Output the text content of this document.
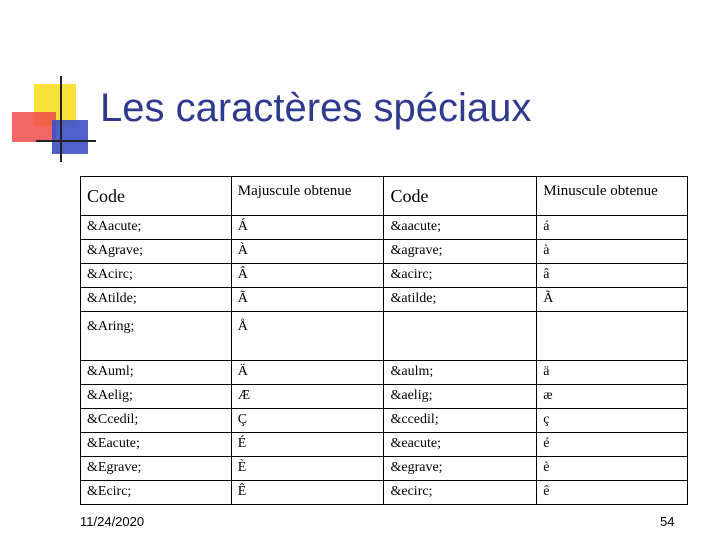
Les caractères spéciaux
Code	Majuscule obtenue	Code	Minuscule obtenue
&Aacute;	Á	&aacute;	á
&Agrave;	À	&agrave;	à
&Acirc;	Â	&acirc;	â
&Atilde;	Ã	&atilde;	Ã
&Aring;	Å		
&Auml;	Ä	&aulm;	ä
&Aelig;	Æ	&aelig;	æ
&Ccedil;	Ç	&ccedil;	ç
&Eacute;	É	&eacute;	é
&Egrave;	È	&egrave;	è
&Ecirc;	Ê	&ecirc;	ê
11/24/2020	54
